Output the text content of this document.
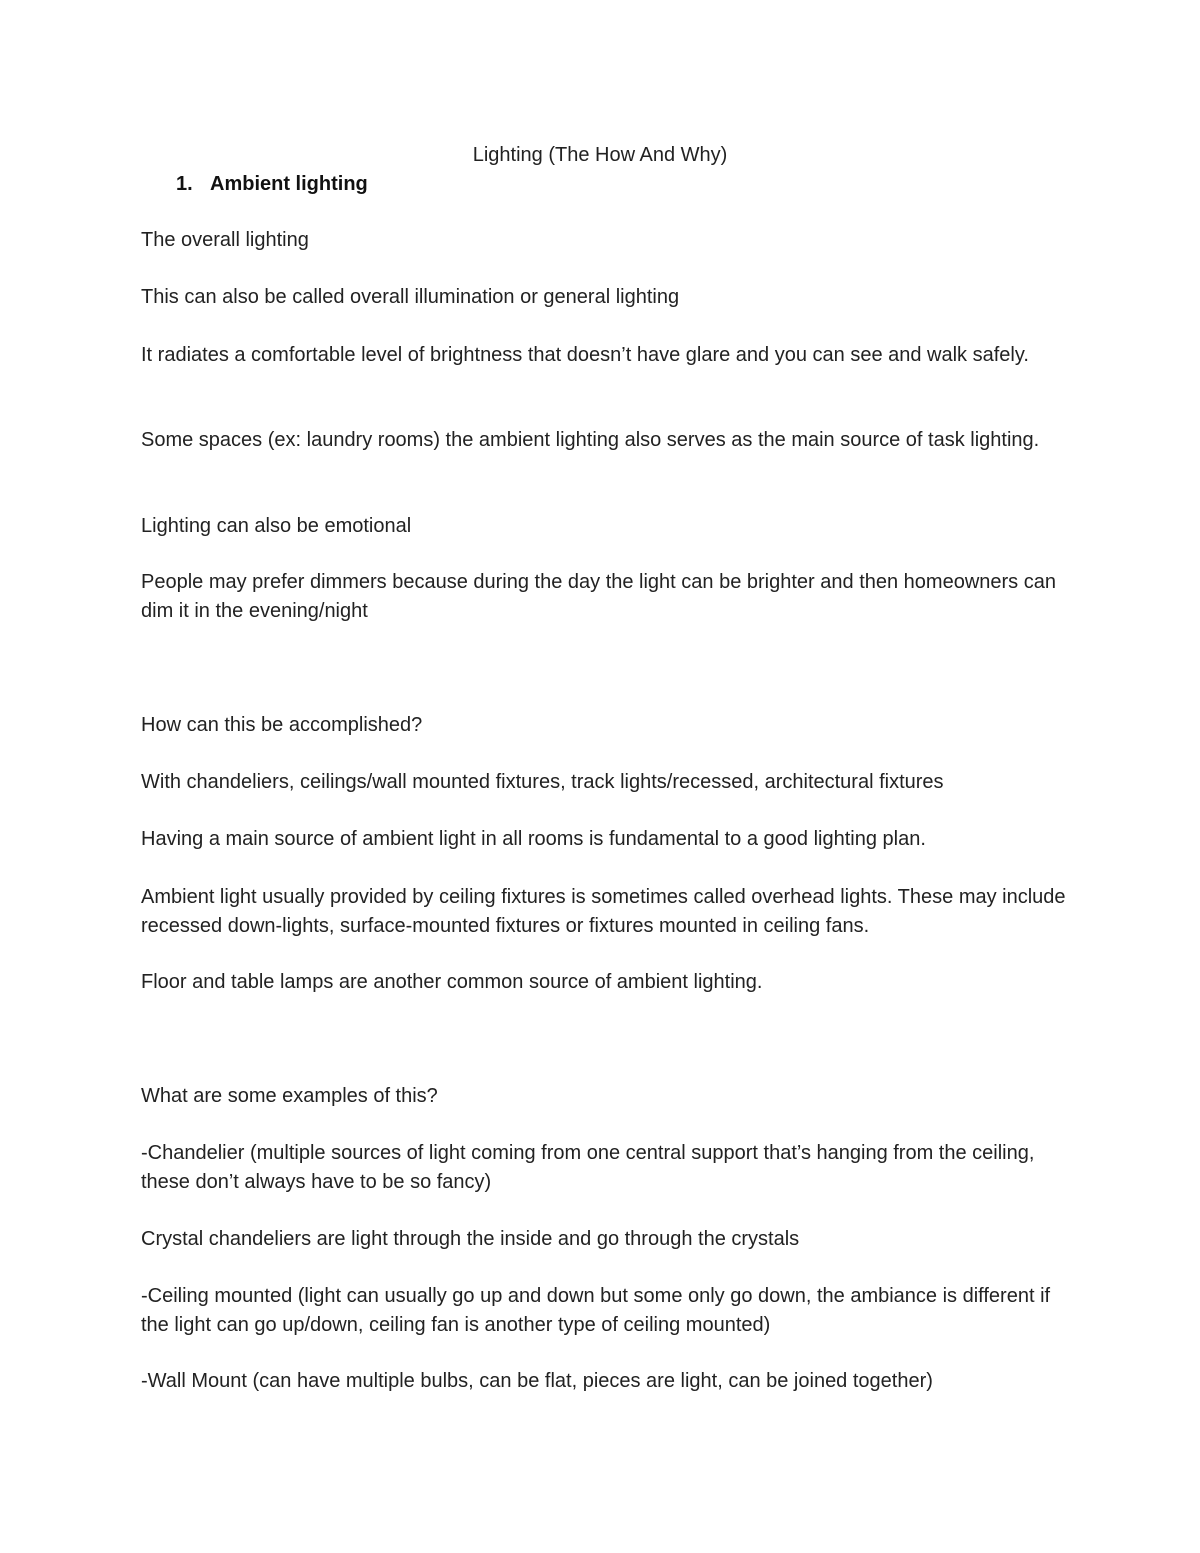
Lighting (The How And Why)
1. Ambient lighting

The overall lighting

This can also be called overall illumination or general lighting

It radiates a comfortable level of brightness that doesn’t have glare and you can see and walk safely.

Some spaces (ex: laundry rooms) the ambient lighting also serves as the main source of task lighting.

Lighting can also be emotional

People may prefer dimmers because during the day the light can be brighter and then homeowners can dim it in the evening/night

How can this be accomplished?

With chandeliers, ceilings/wall mounted fixtures, track lights/recessed, architectural fixtures

Having a main source of ambient light in all rooms is fundamental to a good lighting plan.

Ambient light usually provided by ceiling fixtures is sometimes called overhead lights. These may include recessed down-lights, surface-mounted fixtures or fixtures mounted in ceiling fans.

Floor and table lamps are another common source of ambient lighting.

What are some examples of this?

-Chandelier (multiple sources of light coming from one central support that’s hanging from the ceiling, these don’t always have to be so fancy)

Crystal chandeliers are light through the inside and go through the crystals

-Ceiling mounted (light can usually go up and down but some only go down, the ambiance is different if the light can go up/down, ceiling fan is another type of ceiling mounted)

-Wall Mount (can have multiple bulbs, can be flat, pieces are light, can be joined together)
